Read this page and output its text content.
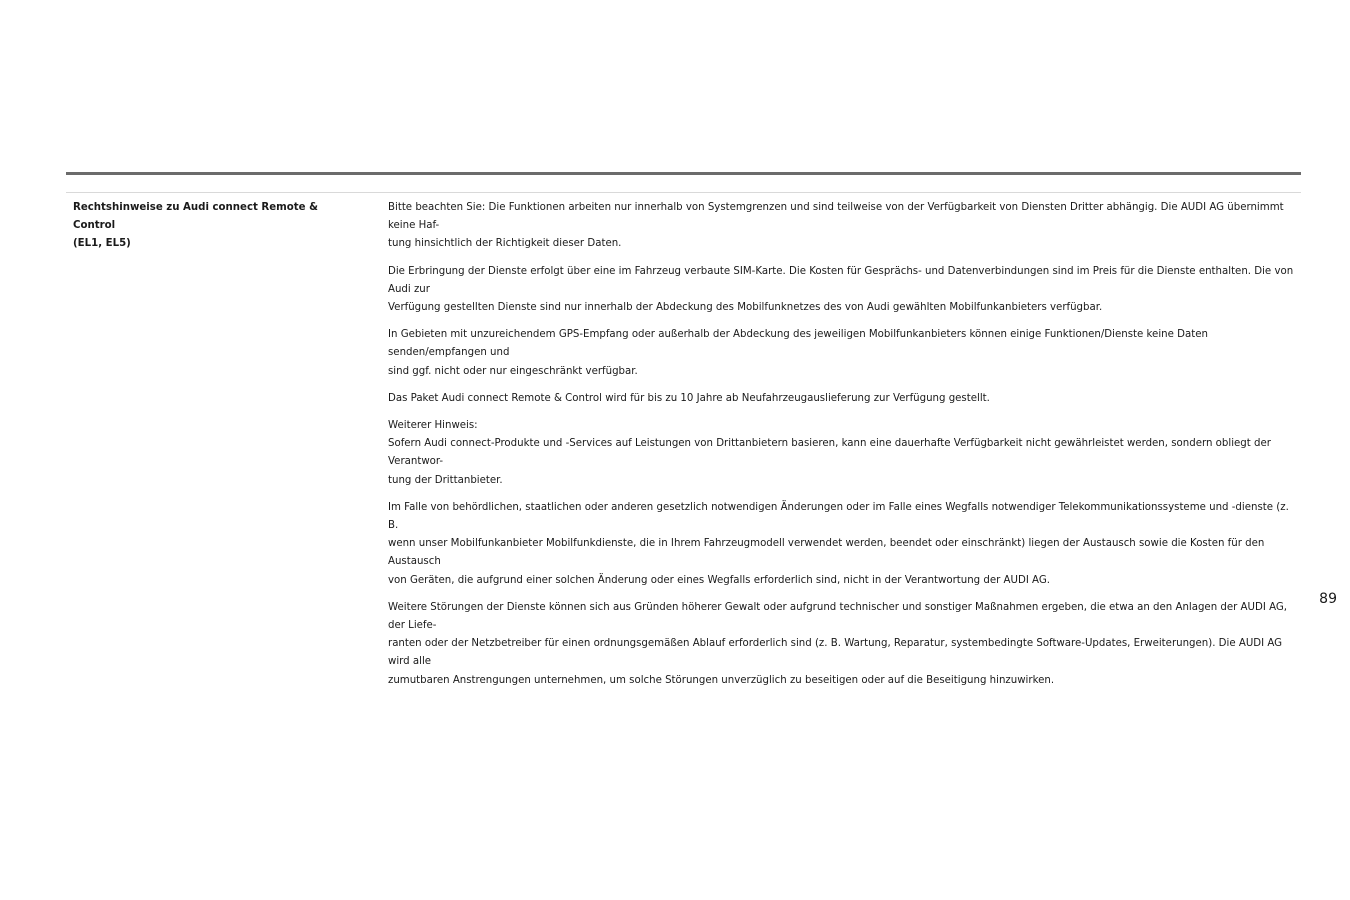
Rechtshinweise zu Audi connect Remote & Control
(EL1, EL5)

Bitte beachten Sie: Die Funktionen arbeiten nur innerhalb von Systemgrenzen und sind teilweise von der Verfügbarkeit von Diensten Dritter abhängig. Die AUDI AG übernimmt keine Haf-
tung hinsichtlich der Richtigkeit dieser Daten.

Die Erbringung der Dienste erfolgt über eine im Fahrzeug verbaute SIM-Karte. Die Kosten für Gesprächs- und Datenverbindungen sind im Preis für die Dienste enthalten. Die von Audi zur
Verfügung gestellten Dienste sind nur innerhalb der Abdeckung des Mobilfunknetzes des von Audi gewählten Mobilfunkanbieters verfügbar.

In Gebieten mit unzureichendem GPS-Empfang oder außerhalb der Abdeckung des jeweiligen Mobilfunkanbieters können einige Funktionen/Dienste keine Daten senden/empfangen und
sind ggf. nicht oder nur eingeschränkt verfügbar.

Das Paket Audi connect Remote & Control wird für bis zu 10 Jahre ab Neufahrzeugauslieferung zur Verfügung gestellt.

Weiterer Hinweis:
Sofern Audi connect-Produkte und -Services auf Leistungen von Drittanbietern basieren, kann eine dauerhafte Verfügbarkeit nicht gewährleistet werden, sondern obliegt der Verantwor-
tung der Drittanbieter.

Im Falle von behördlichen, staatlichen oder anderen gesetzlich notwendigen Änderungen oder im Falle eines Wegfalls notwendiger Telekommunikationssysteme und -dienste (z. B.
wenn unser Mobilfunkanbieter Mobilfunkdienste, die in Ihrem Fahrzeugmodell verwendet werden, beendet oder einschränkt) liegen der Austausch sowie die Kosten für den Austausch
von Geräten, die aufgrund einer solchen Änderung oder eines Wegfalls erforderlich sind, nicht in der Verantwortung der AUDI AG.

Weitere Störungen der Dienste können sich aus Gründen höherer Gewalt oder aufgrund technischer und sonstiger Maßnahmen ergeben, die etwa an den Anlagen der AUDI AG, der Liefe-
ranten oder der Netzbetreiber für einen ordnungsgemäßen Ablauf erforderlich sind (z. B. Wartung, Reparatur, systembedingte Software-Updates, Erweiterungen). Die AUDI AG wird alle
zumutbaren Anstrengungen unternehmen, um solche Störungen unverzüglich zu beseitigen oder auf die Beseitigung hinzuwirken.

89
